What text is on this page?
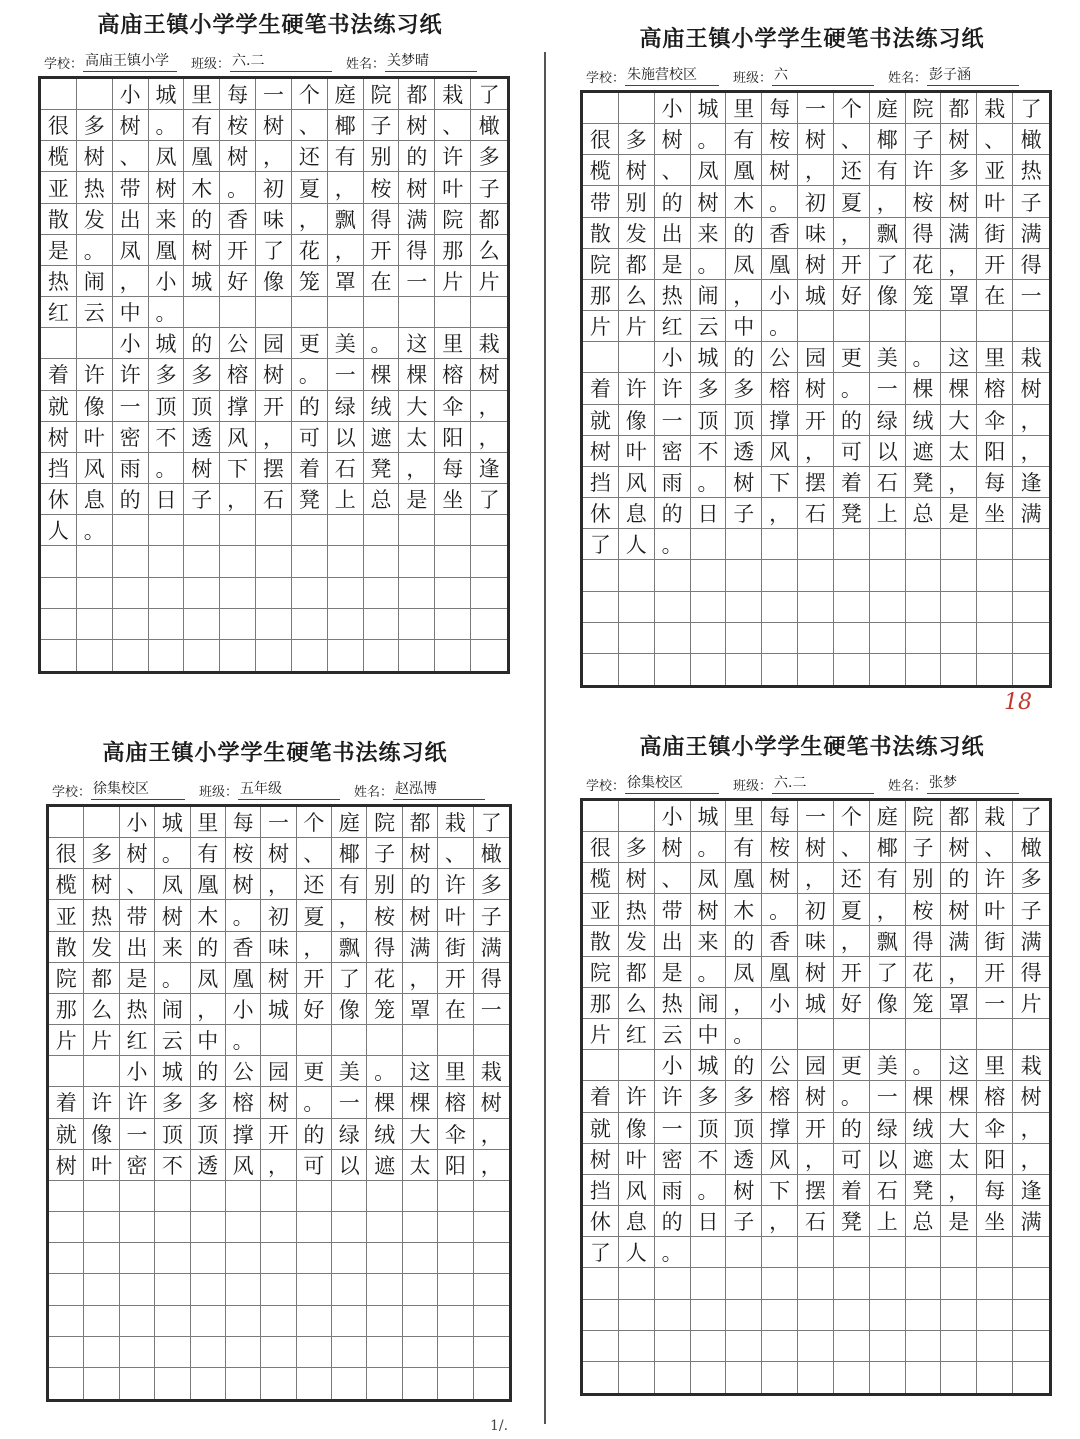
高庙王镇小学学生硬笔书法练习纸
学校： 高庙王镇小学	班级： 六.二	姓名： 关梦晴
小 城 里 每 一 个 庭 院 都 栽 了
很 多 树 。 有 桉 树 、 椰 子 树 、 橄
榄 树 、 凤 凰 树 ， 还 有 别 的 许 多
亚 热 带 树 木 。 初 夏 ， 桉 树 叶 子
散 发 出 来 的 香 味 ， 飘 得 满 院 都
是 。 凤 凰 树 开 了 花 ， 开 得 那 么
热 闹 ， 小 城 好 像 笼 罩 在 一 片 片
红 云 中 。
小 城 的 公 园 更 美 。 这 里 栽
着 许 许 多 多 榕 树 。 一 棵 棵 榕 树
就 像 一 顶 顶 撑 开 的 绿 绒 大 伞 ，
树 叶 密 不 透 风 ， 可 以 遮 太 阳 ，
挡 风 雨 。 树 下 摆 着 石 凳 ， 每 逢
休 息 的 日 子 ， 石 凳 上 总 是 坐 了
人 。
高庙王镇小学学生硬笔书法练习纸
学校： 朱施营校区	班级： 六	姓名： 彭子涵
小 城 里 每 一 个 庭 院 都 栽 了
很 多 树 。 有 桉 树 、 椰 子 树 、 橄
榄 树 、 凤 凰 树 ， 还 有 许 多 亚 热
带 别 的 树 木 。 初 夏 ， 桉 树 叶 子
散 发 出 来 的 香 味 ， 飘 得 满 街 满
院 都 是 。 凤 凰 树 开 了 花 ， 开 得
那 么 热 闹 ， 小 城 好 像 笼 罩 在 一
片 片 红 云 中 。
小 城 的 公 园 更 美 。 这 里 栽
着 许 许 多 多 榕 树 。 一 棵 棵 榕 树
就 像 一 顶 顶 撑 开 的 绿 绒 大 伞 ，
树 叶 密 不 透 风 ， 可 以 遮 太 阳 ，
挡 风 雨 。 树 下 摆 着 石 凳 ， 每 逢
休 息 的 日 子 ， 石 凳 上 总 是 坐 满
了 人 。
18
高庙王镇小学学生硬笔书法练习纸
学校： 徐集校区	班级： 五年级	姓名： 赵泓博
小 城 里 每 一 个 庭 院 都 栽 了
很 多 树 。 有 桉 树 、 椰 子 树 、 橄
榄 树 、 凤 凰 树 ， 还 有 别 的 许 多
亚 热 带 树 木 。 初 夏 ， 桉 树 叶 子
散 发 出 来 的 香 味 ， 飘 得 满 街 满
院 都 是 。 凤 凰 树 开 了 花 ， 开 得
那 么 热 闹 ， 小 城 好 像 笼 罩 在 一
片 片 红 云 中 。
小 城 的 公 园 更 美 。 这 里 栽
着 许 许 多 多 榕 树 。 一 棵 棵 榕 树
就 像 一 顶 顶 撑 开 的 绿 绒 大 伞 ，
树 叶 密 不 透 风 ， 可 以 遮 太 阳 ，
1/.
高庙王镇小学学生硬笔书法练习纸
学校： 徐集校区	班级： 六.二	姓名： 张梦
小 城 里 每 一 个 庭 院 都 栽 了
很 多 树 。 有 桉 树 、 椰 子 树 、 橄
榄 树 、 凤 凰 树 ， 还 有 别 的 许 多
亚 热 带 树 木 。 初 夏 ， 桉 树 叶 子
散 发 出 来 的 香 味 ， 飘 得 满 街 满
院 都 是 。 凤 凰 树 开 了 花 ， 开 得
那 么 热 闹 ， 小 城 好 像 笼 罩 一 片
片 红 云 中 。
小 城 的 公 园 更 美 。 这 里 栽
着 许 许 多 多 榕 树 。 一 棵 棵 榕 树
就 像 一 顶 顶 撑 开 的 绿 绒 大 伞 ，
树 叶 密 不 透 风 ， 可 以 遮 太 阳 ，
挡 风 雨 。 树 下 摆 着 石 凳 ， 每 逢
休 息 的 日 子 ， 石 凳 上 总 是 坐 满
了 人 。
